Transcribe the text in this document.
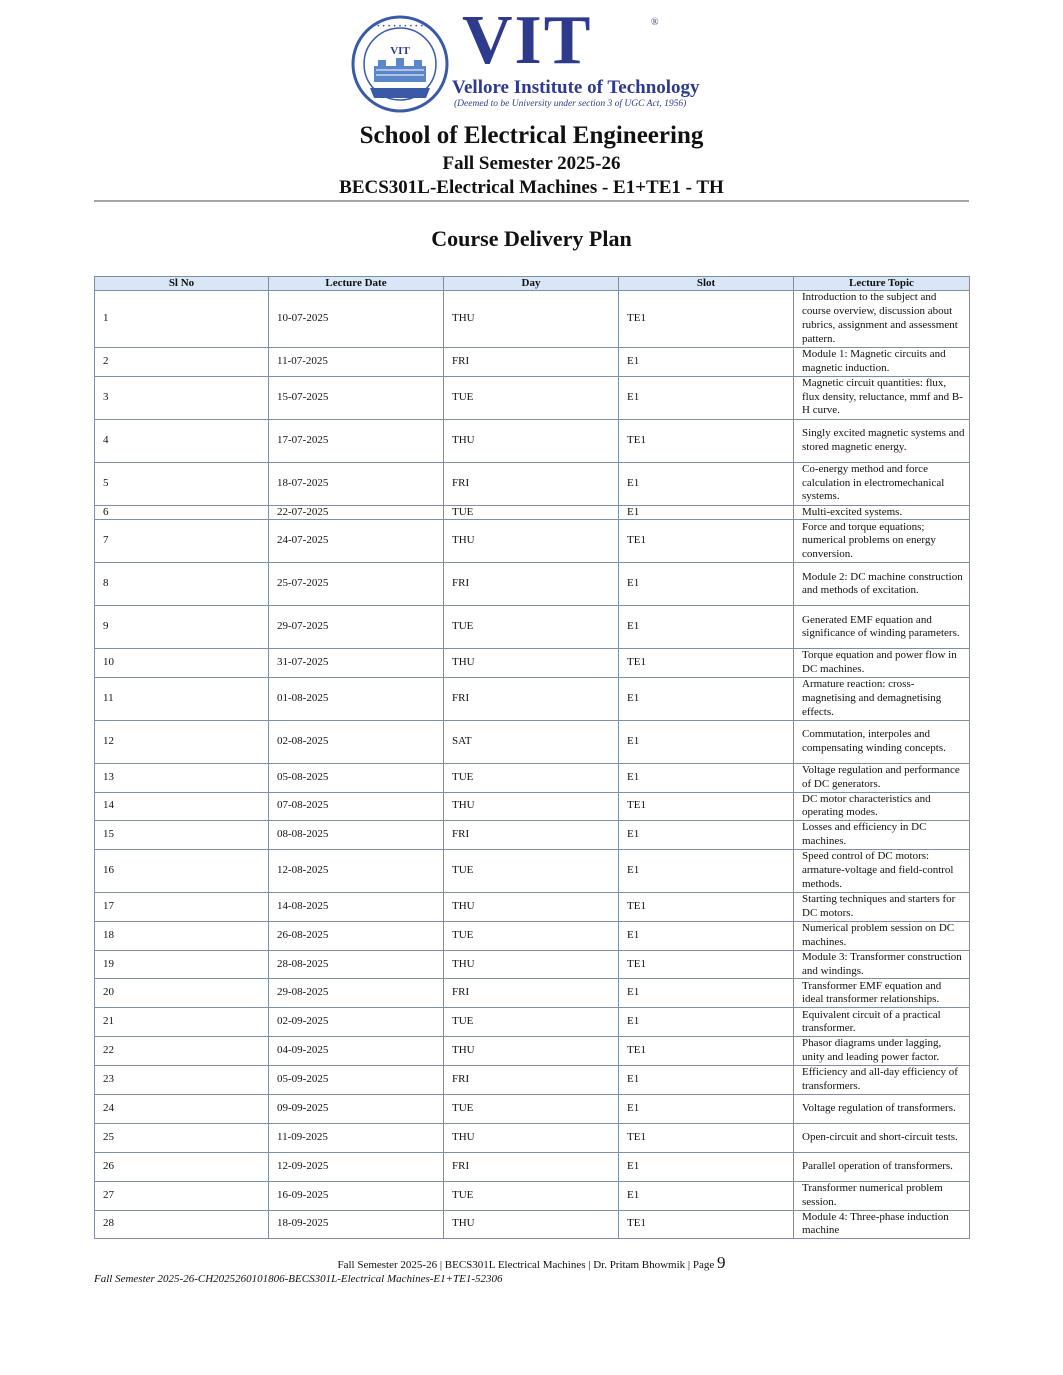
• • • • • • • • •
VIT VIT	®
Vellore Institute of Technology
(Deemed to be University under section 3 of UGC Act, 1956)
School of Electrical Engineering
Fall Semester 2025-26
BECS301L-Electrical Machines - E1+TE1 - TH
Course Delivery Plan
Sl No	Lecture Date	Day	Slot	Lecture Topic
1	10-07-2025	THU	TE1	Introduction to the subject and course overview, discussion about rubrics, assignment and assessment pattern.
2	11-07-2025	FRI	E1	Module 1: Magnetic circuits and magnetic induction.
3	15-07-2025	TUE	E1	Magnetic circuit quantities: flux, flux density, reluctance, mmf and B-H curve.
4	17-07-2025	THU	TE1	Singly excited magnetic systems and stored magnetic energy.
5	18-07-2025	FRI	E1	Co-energy method and force calculation in electromechanical systems.
6	22-07-2025	TUE	E1	Multi-excited systems.
7	24-07-2025	THU	TE1	Force and torque equations; numerical problems on energy conversion.
8	25-07-2025	FRI	E1	Module 2: DC machine construction and methods of excitation.
9	29-07-2025	TUE	E1	Generated EMF equation and significance of winding parameters.
10	31-07-2025	THU	TE1	Torque equation and power flow in DC machines.
11	01-08-2025	FRI	E1	Armature reaction: cross-magnetising and demagnetising effects.
12	02-08-2025	SAT	E1	Commutation, interpoles and compensating winding concepts.
13	05-08-2025	TUE	E1	Voltage regulation and performance of DC generators.
14	07-08-2025	THU	TE1	DC motor characteristics and operating modes.
15	08-08-2025	FRI	E1	Losses and efficiency in DC machines.
16	12-08-2025	TUE	E1	Speed control of DC motors: armature-voltage and field-control methods.
17	14-08-2025	THU	TE1	Starting techniques and starters for DC motors.
18	26-08-2025	TUE	E1	Numerical problem session on DC machines.
19	28-08-2025	THU	TE1	Module 3: Transformer construction and windings.
20	29-08-2025	FRI	E1	Transformer EMF equation and ideal transformer relationships.
21	02-09-2025	TUE	E1	Equivalent circuit of a practical transformer.
22	04-09-2025	THU	TE1	Phasor diagrams under lagging, unity and leading power factor.
23	05-09-2025	FRI	E1	Efficiency and all-day efficiency of transformers.
24	09-09-2025	TUE	E1	Voltage regulation of transformers.
25	11-09-2025	THU	TE1	Open-circuit and short-circuit tests.
26	12-09-2025	FRI	E1	Parallel operation of transformers.
27	16-09-2025	TUE	E1	Transformer numerical problem session.
28	18-09-2025	THU	TE1	Module 4: Three-phase induction machine
Fall Semester 2025-26 | BECS301L Electrical Machines | Dr. Pritam Bhowmik | Page 9
Fall Semester 2025-26-CH2025260101806-BECS301L-Electrical Machines-E1+TE1-52306
